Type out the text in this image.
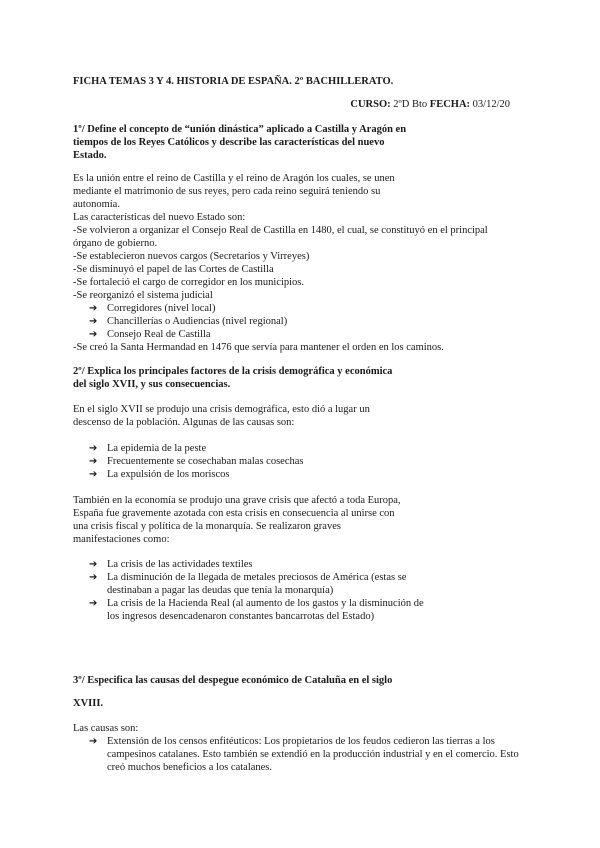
FICHA TEMAS 3 Y 4. HISTORIA DE ESPAÑA. 2º BACHILLERATO.
CURSO: 2ºD Bto FECHA: 03/12/20
1º/ Define el concepto de “unión dinástica” aplicado a Castilla y Aragón en
tiempos de los Reyes Católicos y describe las características del nuevo
Estado.
Es la unión entre el reino de Castilla y el reino de Aragón los cuales, se unen
mediante el matrimonio de sus reyes, pero cada reino seguirá teniendo su
autonomía.
Las características del nuevo Estado son:
-Se volvieron a organizar el Consejo Real de Castilla en 1480, el cual, se constituyó en el principal
órgano de gobierno.
-Se establecieron nuevos cargos (Secretarios y Virreyes)
-Se disminuyó el papel de las Cortes de Castilla
-Se fortaleció el cargo de corregidor en los municipios.
-Se reorganizó el sistema judicial
➔ Corregidores (nivel local)
➔ Chancillerías o Audiencias (nivel regional)
➔ Consejo Real de Castilla
-Se creó la Santa Hermandad en 1476 que servía para mantener el orden en los caminos.
2º/ Explica los principales factores de la crisis demográfica y económica
del siglo XVII, y sus consecuencias.
En el siglo XVII se produjo una crisis demográfica, esto dió a lugar un
descenso de la población. Algunas de las causas son:
➔ La epidemia de la peste
➔ Frecuentemente se cosechaban malas cosechas
➔ La expulsión de los moriscos
También en la economía se produjo una grave crisis que afectó a toda Europa,
España fue gravemente azotada con esta crisis en consecuencia al unirse con
una crisis fiscal y política de la monarquía. Se realizaron graves
manifestaciones como:
➔ La crisis de las actividades textiles
➔ La disminución de la llegada de metales preciosos de América (estas se destinaban a pagar las deudas que tenía la monarquía)
➔ La crisis de la Hacienda Real (al aumento de los gastos y la disminución de los ingresos desencadenaron constantes bancarrotas del Estado)
3º/ Especifica las causas del despegue económico de Cataluña en el siglo
XVIII.
Las causas son:
➔ Extensión de los censos enfitéuticos: Los propietarios de los feudos cedieron las tierras a los campesinos catalanes. Esto también se extendió en la producción industrial y en el comercio. Esto creó muchos beneficios a los catalanes.
